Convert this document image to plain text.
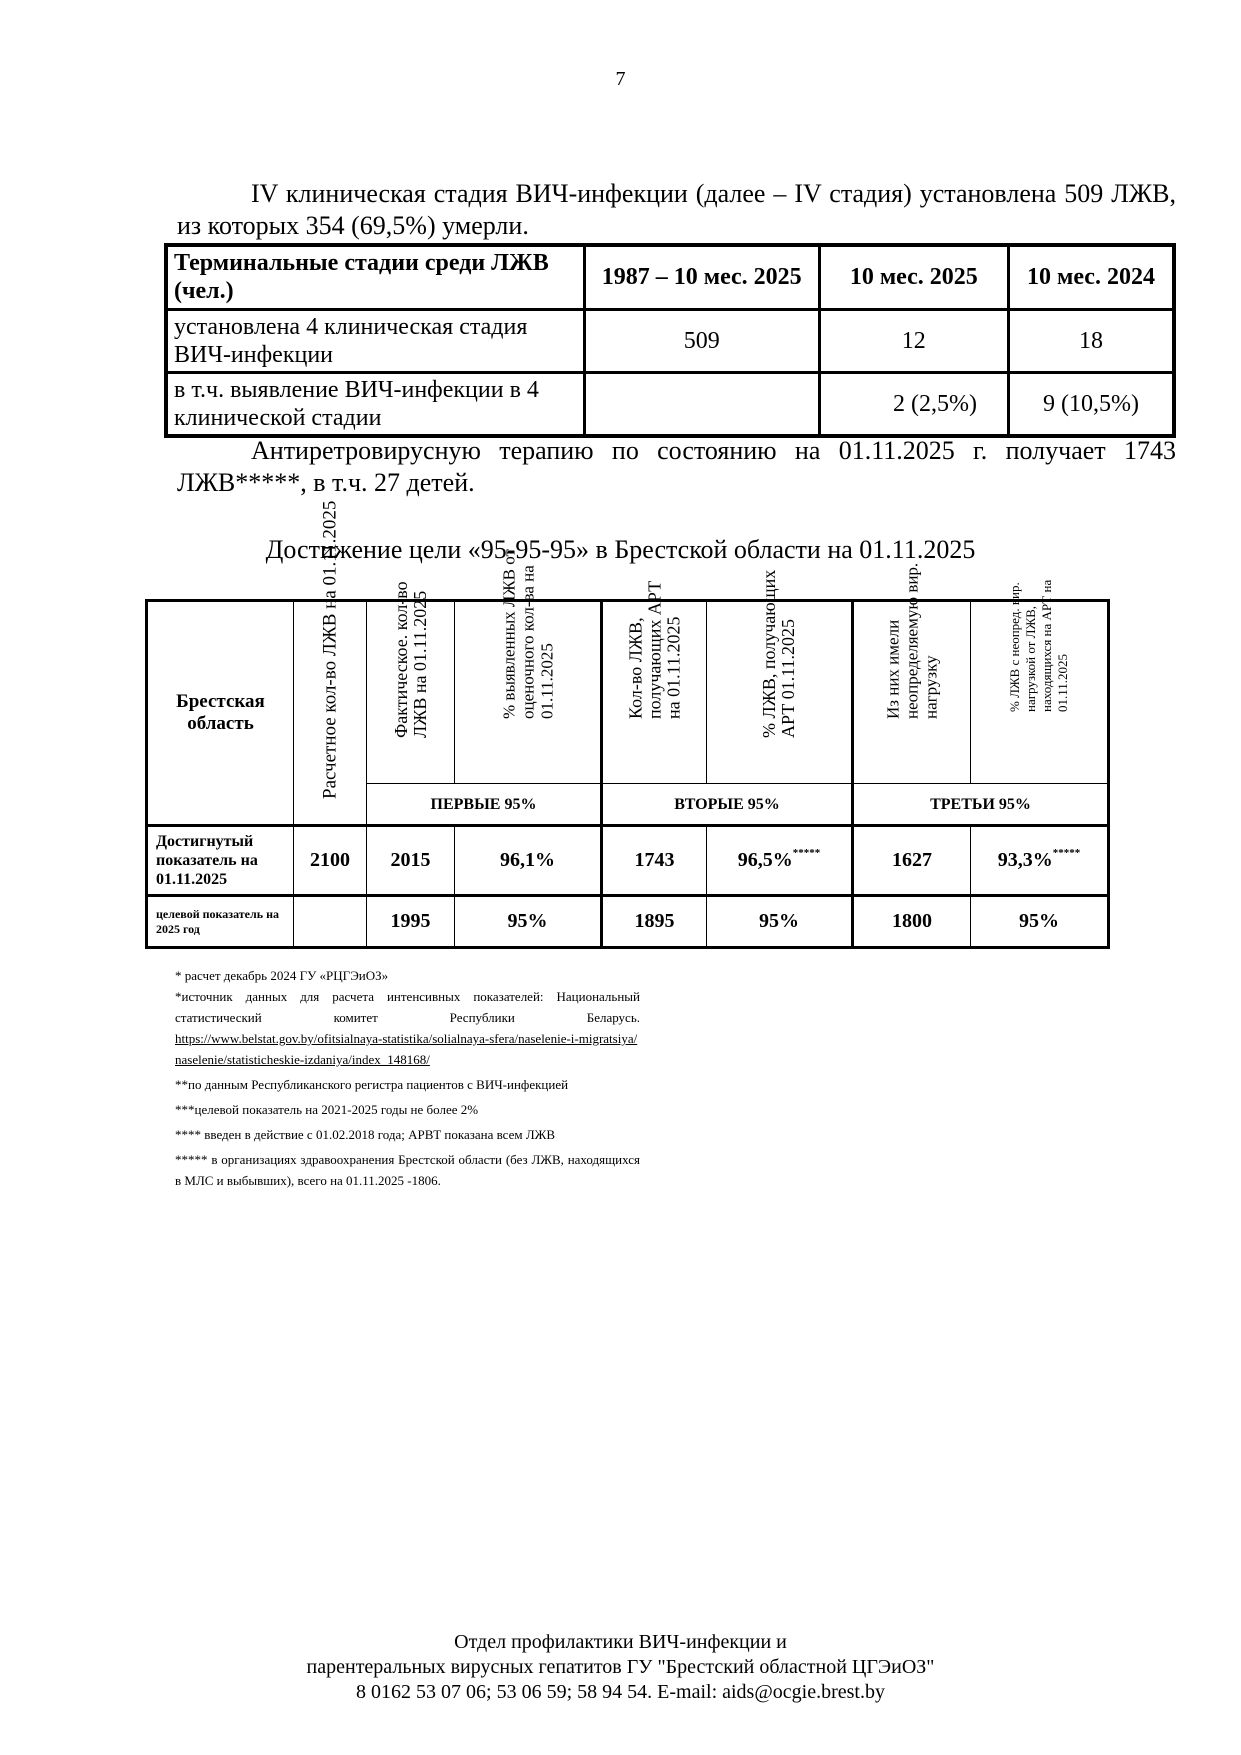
7
IV клиническая стадия ВИЧ-инфекции (далее – IV стадия) установлена 509 ЛЖВ, из которых 354 (69,5%) умерли.
Терминальные стадии среди ЛЖВ (чел.)	1987 – 10 мес. 2025	10 мес. 2025	10 мес. 2024
установлена 4 клиническая стадия ВИЧ-инфекции	509	12	18
в т.ч. выявление ВИЧ-инфекции в 4 клинической стадии		2 (2,5%)	9 (10,5%)
Антиретровирусную терапию по состоянию на 01.11.2025 г. получает 1743 ЛЖВ*****, в т.ч. 27 детей.
Достижение цели «95-95-95» в Брестской области на 01.11.2025
Брестская область	Расчетное кол-во ЛЖВ на 01.11.2025	Фактическое. кол-во ЛЖВ на 01.11.2025	% выявленных ЛЖВ от оценочного кол-ва на 01.11.2025	Кол-во ЛЖВ, получающих АРТ на 01.11.2025	% ЛЖВ, получающих АРТ 01.11.2025	Из них имели неопределяемую вир. нагрузку	% ЛЖВ с неопред. вир. нагрузкой от ЛЖВ, находящихся на АРТ на 01.11.2025

		ПЕРВЫЕ 95%		ВТОРЫЕ 95%		ТРЕТЬИ 95%	
Достигнутый показатель на 01.11.2025	2100	2015	96,1%	1743	96,5%*****	1627	93,3%*****
целевой показатель на 2025 год		1995	95%	1895	95%	1800	95%

* расчет декабрь 2024 ГУ «РЦГЭиОЗ»

*источник данных для расчета интенсивных показателей: Национальный статистический комитет Республики Беларусь.

https://www.belstat.gov.by/ofitsialnaya-statistika/solialnaya-sfera/naselenie-i-migratsiya/naselenie/statisticheskie-izdaniya/index_148168/

**по данным Республиканского регистра пациентов с ВИЧ-инфекцией

***целевой показатель на 2021-2025 годы не более 2%

**** введен в действие с 01.02.2018 года; АРВТ показана всем ЛЖВ

***** в организациях здравоохранения Брестской области (без ЛЖВ, находящихся в МЛС и выбывших), всего на 01.11.2025 -1806.

Отдел профилактики ВИЧ-инфекции и
парентеральных вирусных гепатитов ГУ "Брестский областной ЦГЭиОЗ"
8 0162 53 07 06; 53 06 59; 58 94 54. E-mail: aids@ocgie.brest.by
